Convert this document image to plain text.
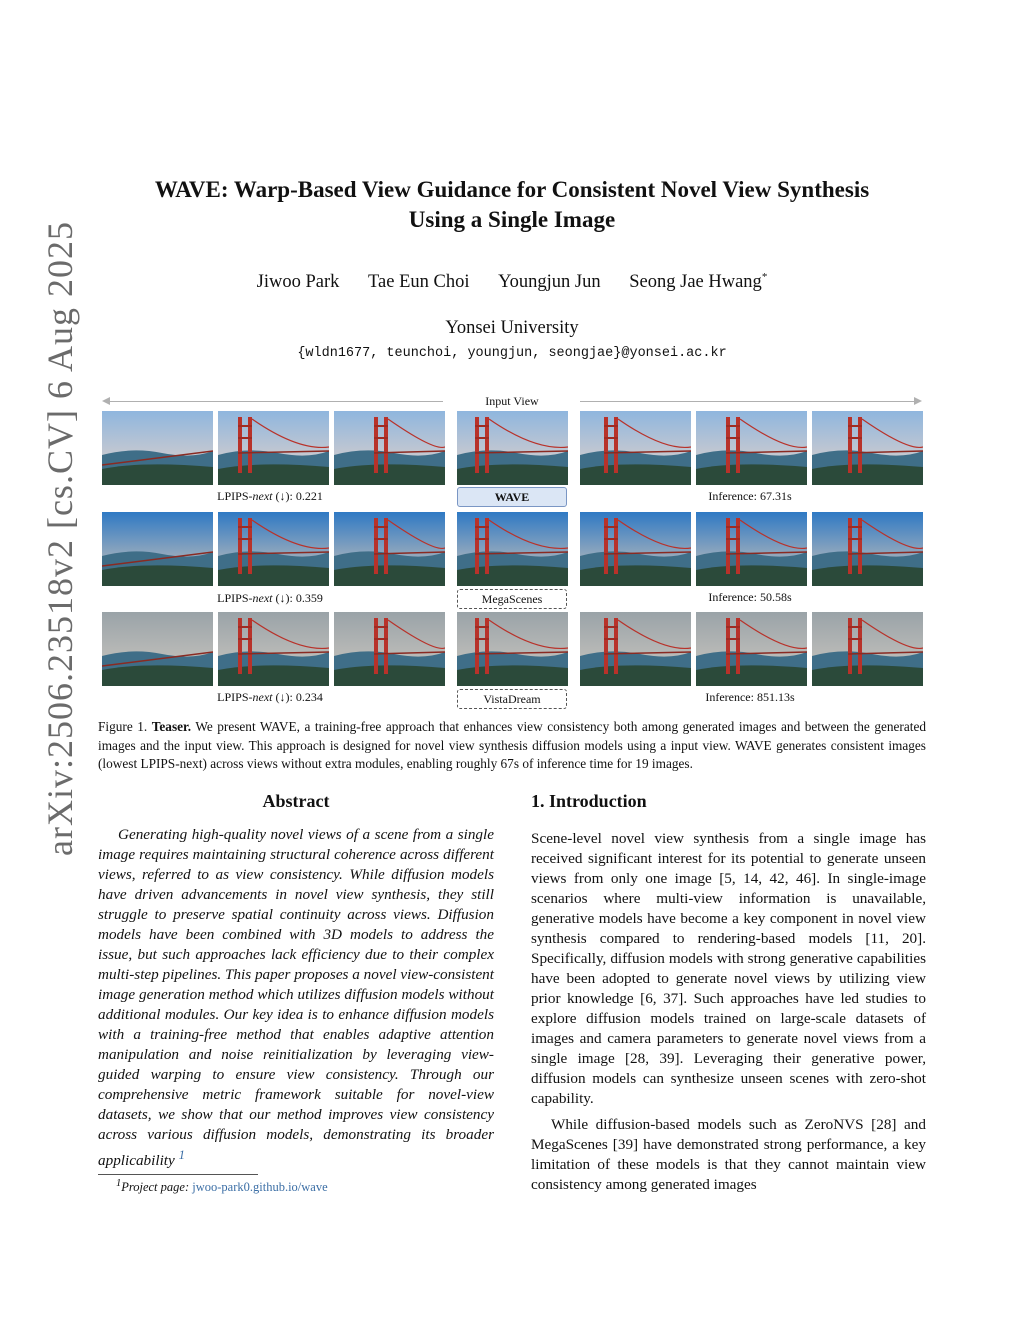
arXiv:2506.23518v2 [cs.CV] 6 Aug 2025
WAVE: Warp-Based View Guidance for Consistent Novel View Synthesis
Using a Single Image
Jiwoo Park Tae Eun Choi Youngjun Jun Seong Jae Hwang*
Yonsei University
{wldn1677, teunchoi, youngjun, seongjae}@yonsei.ac.kr
Input View
LPIPS-next (↓): 0.221	WAVE	Inference: 67.31s
LPIPS-next (↓): 0.359	MegaScenes	Inference: 50.58s
LPIPS-next (↓): 0.234	VistaDream	Inference: 851.13s
Figure 1. Teaser. We present WAVE, a training-free approach that enhances view consistency both among generated images and between the generated images and the input view. This approach is designed for novel view synthesis diffusion models using a input view. WAVE generates consistent images (lowest LPIPS-next) across views without extra modules, enabling roughly 67s of inference time for 19 images.
Abstract

Generating high-quality novel views of a scene from a single image requires maintaining structural coherence across different views, referred to as view consistency. While diffusion models have driven advancements in novel view synthesis, they still struggle to preserve spatial continuity across views. Diffusion models have been combined with 3D models to address the issue, but such approaches lack efficiency due to their complex multi-step pipelines. This paper proposes a novel view-consistent image generation method which utilizes diffusion models without additional modules. Our key idea is to enhance diffusion models with a training-free method that enables adaptive attention manipulation and noise reinitialization by leveraging view-guided warping to ensure view consistency. Through our comprehensive metric framework suitable for novel-view datasets, we show that our method improves view consistency across various diffusion models, demonstrating its broader applicability $^1$

$^1$Project page: jwoo-park0.github.io/wave
1. Introduction

Scene-level novel view synthesis from a single image has received significant interest for its potential to generate unseen views from only one image [5, 14, 42, 46]. In single-image scenarios where multi-view information is unavailable, generative models have become a key component in novel view synthesis compared to rendering-based models [11, 20]. Specifically, diffusion models with strong generative capabilities have been adopted to generate novel views by utilizing view prior knowledge [6, 37]. Such approaches have led studies to explore diffusion models trained on large-scale datasets of images and camera parameters to generate novel views from a single image [28, 39]. Leveraging their generative power, diffusion models can synthesize unseen scenes with zero-shot capability.

While diffusion-based models such as ZeroNVS [28] and MegaScenes [39] have demonstrated strong performance, a key limitation of these models is that they cannot maintain view consistency among generated images
